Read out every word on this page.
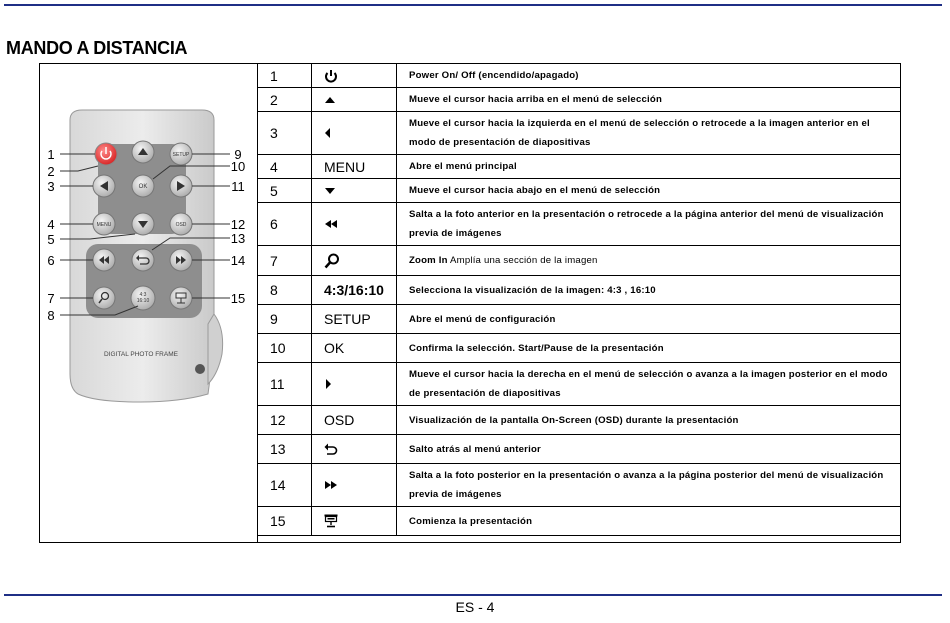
MANDO A DISTANCIA
SETUP
OK
MENU	OSD
4:3
16:10
DIGITAL PHOTO FRAME
1
2
3
4
5
6
7
8
9
10
11
12
13
14
15
1		Power On/ Off (encendido/apagado)
2		Mueve el cursor hacia arriba en el menú de selección
3		Mueve el cursor hacia la izquierda en el menú de selección o retrocede a la imagen anterior en el modo de presentación de diapositivas
4	MENU	Abre el menú principal
5		Mueve el cursor hacia abajo en el menú de selección
6		Salta a la foto anterior en la presentación o retrocede a la página anterior del menú de visualización previa de imágenes
7		Zoom In Amplía una sección de la imagen
8	4:3/16:10	Selecciona la visualización de la imagen: 4:3 , 16:10
9	SETUP	Abre el menú de configuración
10	OK	Confirma la selección. Start/Pause de la presentación
11		Mueve el cursor hacia la derecha en el menú de selección o avanza a la imagen posterior en el modo de presentación de diapositivas
12	OSD	Visualización de la pantalla On-Screen (OSD) durante la presentación
13		Salto atrás al menú anterior
14		Salta a la foto posterior en la presentación o avanza a la página posterior del menú de visualización previa de imágenes
15		Comienza la presentación
ES - 4
